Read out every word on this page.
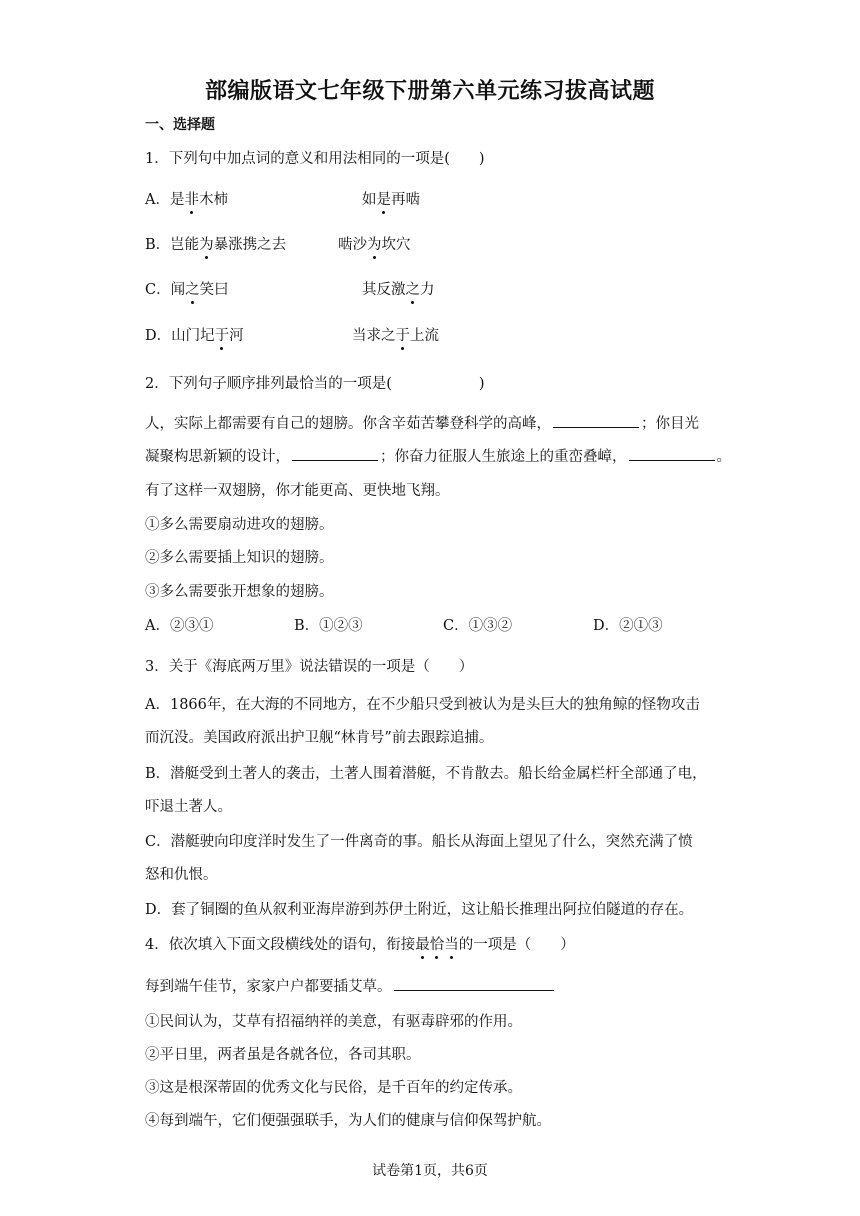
部编版语文七年级下册第六单元练习拔高试题
一、选择题
1．下列句中加点词的意义和用法相同的一项是(　　)
A．是非木柿	如是再啮
B．岂能为暴涨携之去	啮沙为坎穴
C．闻之笑曰	其反激之力
D．山门圮于河	当求之于上流
2．下列句子顺序排列最恰当的一项是(　　　　　　)
人，实际上都需要有自己的翅膀。你含辛茹苦攀登科学的高峰，	；你目光
凝聚构思新颖的设计，	；你奋力征服人生旅途上的重峦叠嶂，	。
有了这样一双翅膀，你才能更高、更快地飞翔。
①多么需要扇动进攻的翅膀。
②多么需要插上知识的翅膀。
③多么需要张开想象的翅膀。
A．②③①	B．①②③	C．①③②	D．②①③
3．关于《海底两万里》说法错误的一项是（　　）
A．1866年，在大海的不同地方，在不少船只受到被认为是头巨大的独角鲸的怪物攻击
而沉没。美国政府派出护卫舰“林肯号”前去跟踪追捕。
B．潜艇受到土著人的袭击，土著人围着潜艇，不肯散去。船长给金属栏杆全部通了电，
吓退土著人。
C．潜艇驶向印度洋时发生了一件离奇的事。船长从海面上望见了什么，突然充满了愤
怒和仇恨。
D．套了铜圈的鱼从叙利亚海岸游到苏伊土附近，这让船长推理出阿拉伯隧道的存在。
4．依次填入下面文段横线处的语句，衔接最恰当的一项是（　　）
每到端午佳节，家家户户都要插艾草。
①民间认为，艾草有招福纳祥的美意，有驱毒辟邪的作用。
②平日里，两者虽是各就各位，各司其职。
③这是根深蒂固的优秀文化与民俗，是千百年的约定传承。
④每到端午，它们便强强联手，为人们的健康与信仰保驾护航。
试卷第1页，共6页
